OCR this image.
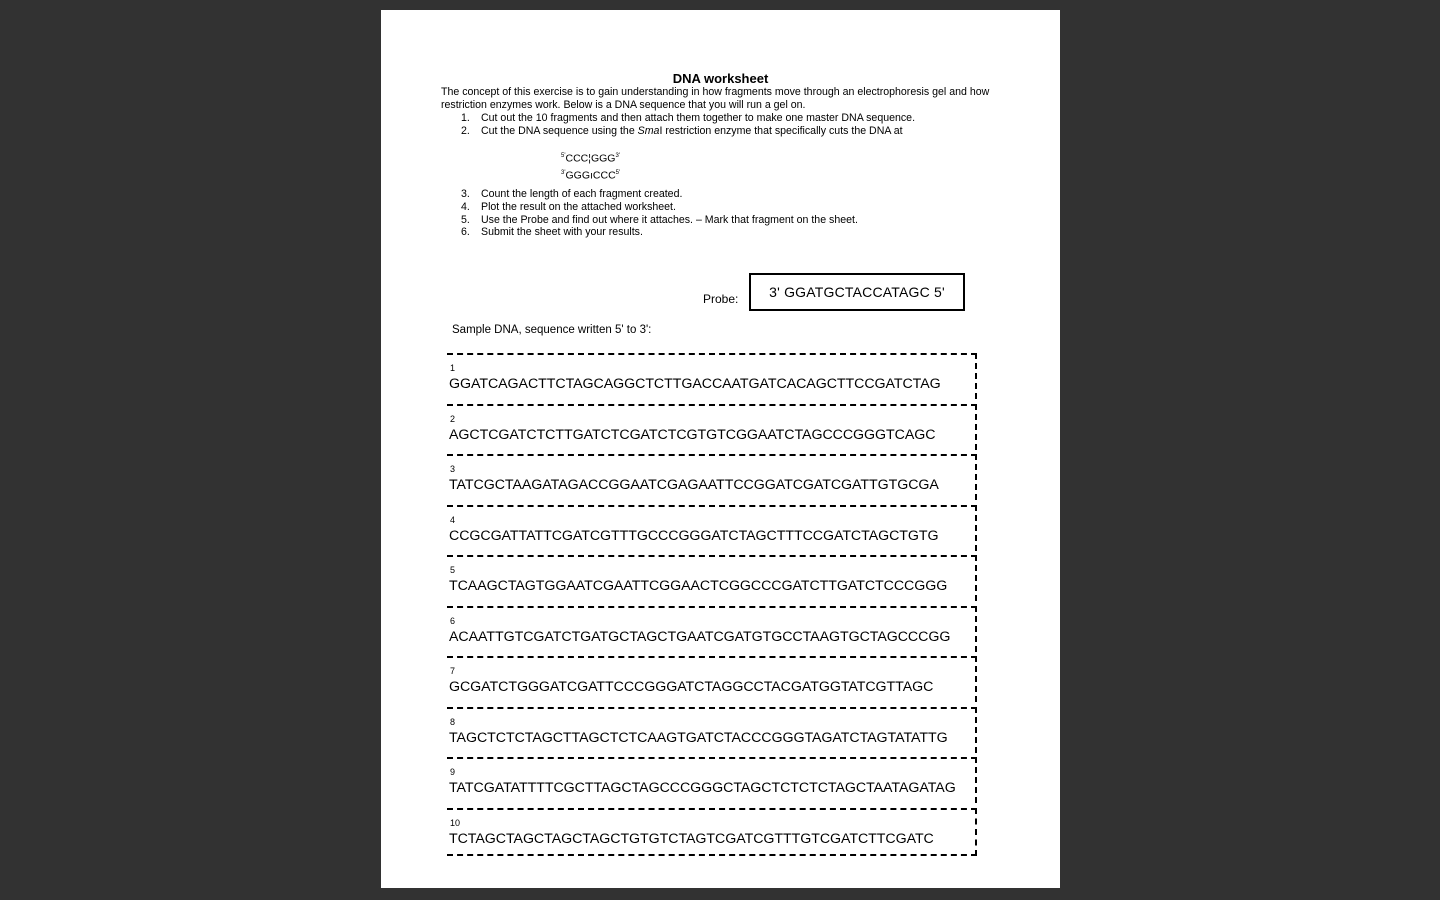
DNA worksheet
The concept of this exercise is to gain understanding in how fragments move through an electrophoresis gel and how restriction enzymes work. Below is a DNA sequence that you will run a gel on.
1. Cut out the 10 fragments and then attach them together to make one master DNA sequence.
2. Cut the DNA sequence using the SmaI restriction enzyme that specifically cuts the DNA at
$^{5'}CCC¦GGG^{3'}$
$^{3'}$GGGıCCC$^{5'}$
3. Count the length of each fragment created.
4. Plot the result on the attached worksheet.
5. Use the Probe and find out where it attaches. – Mark that fragment on the sheet.
6. Submit the sheet with your results.
Probe:	3' GGATGCTACCATAGC 5'
Sample DNA, sequence written 5' to 3':
1
GGATCAGACTTCTAGCAGGCTCTTGACCAATGATCACAGCTTCCGATCTAG
2
AGCTCGATCTCTTGATCTCGATCTCGTGTCGGAATCTAGCCCGGGTCAGC
3
TATCGCTAAGATAGACCGGAATCGAGAATTCCGGATCGATCGATTGTGCGA
4
CCGCGATTATTCGATCGTTTGCCCGGGATCTAGCTTTCCGATCTAGCTGTG
5
TCAAGCTAGTGGAATCGAATTCGGAACTCGGCCCGATCTTGATCTCCCGGG
6
ACAATTGTCGATCTGATGCTAGCTGAATCGATGTGCCTAAGTGCTAGCCCGG
7
GCGATCTGGGATCGATTCCCGGGATCTAGGCCTACGATGGTATCGTTAGC
8
TAGCTCTCTAGCTTAGCTCTCAAGTGATCTACCCGGGTAGATCTAGTATATTG
9
TATCGATATTTTCGCTTAGCTAGCCCGGGCTAGCTCTCTCTAGCTAATAGATAG
10
TCTAGCTAGCTAGCTAGCTGTGTCTAGTCGATCGTTTGTCGATCTTCGATC
